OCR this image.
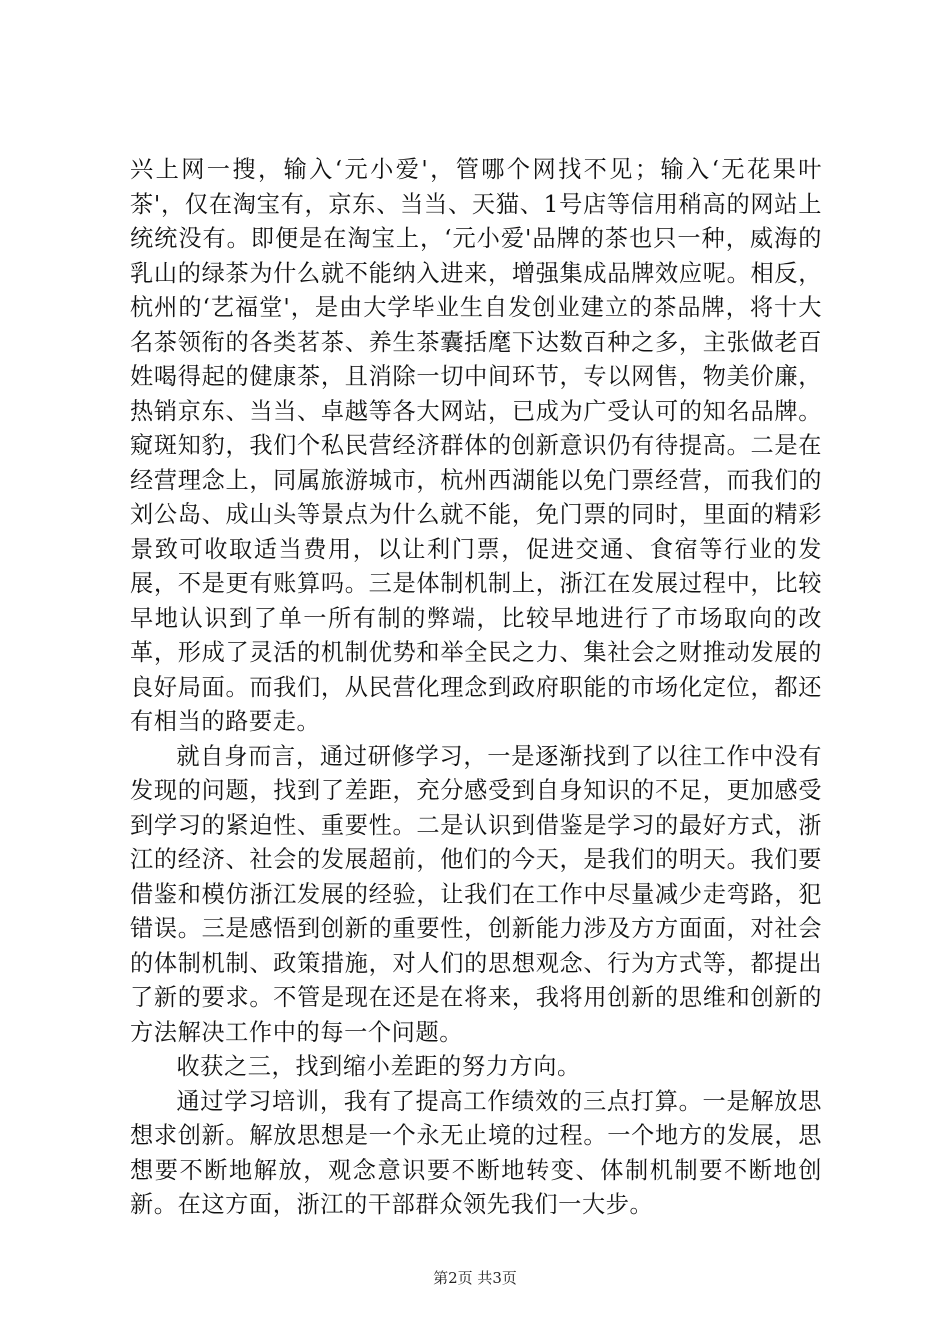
兴上网一搜，输入‘元小爱'，管哪个网找不见；输入‘无花果叶茶'，仅在淘宝有，京东、当当、天猫、1号店等信用稍高的网站上统统没有。即便是在淘宝上，‘元小爱'品牌的茶也只一种，威海的乳山的绿茶为什么就不能纳入进来，增强集成品牌效应呢。相反，杭州的‘艺福堂'，是由大学毕业生自发创业建立的茶品牌，将十大名茶领衔的各类茗茶、养生茶囊括麾下达数百种之多，主张做老百姓喝得起的健康茶，且消除一切中间环节，专以网售，物美价廉，热销京东、当当、卓越等各大网站，已成为广受认可的知名品牌。窥斑知豹，我们个私民营经济群体的创新意识仍有待提高。二是在经营理念上，同属旅游城市，杭州西湖能以免门票经营，而我们的刘公岛、成山头等景点为什么就不能，免门票的同时，里面的精彩景致可收取适当费用，以让利门票，促进交通、食宿等行业的发展，不是更有账算吗。三是体制机制上，浙江在发展过程中，比较早地认识到了单一所有制的弊端，比较早地进行了市场取向的改革，形成了灵活的机制优势和举全民之力、集社会之财推动发展的良好局面。而我们，从民营化理念到政府职能的市场化定位，都还有相当的路要走。

就自身而言，通过研修学习，一是逐渐找到了以往工作中没有发现的问题，找到了差距，充分感受到自身知识的不足，更加感受到学习的紧迫性、重要性。二是认识到借鉴是学习的最好方式，浙江的经济、社会的发展超前，他们的今天，是我们的明天。我们要借鉴和模仿浙江发展的经验，让我们在工作中尽量减少走弯路，犯错误。三是感悟到创新的重要性，创新能力涉及方方面面，对社会的体制机制、政策措施，对人们的思想观念、行为方式等，都提出了新的要求。不管是现在还是在将来，我将用创新的思维和创新的方法解决工作中的每一个问题。

收获之三，找到缩小差距的努力方向。

通过学习培训，我有了提高工作绩效的三点打算。一是解放思想求创新。解放思想是一个永无止境的过程。一个地方的发展，思想要不断地解放，观念意识要不断地转变、体制机制要不断地创新。在这方面，浙江的干部群众领先我们一大步。

第2页 共3页
